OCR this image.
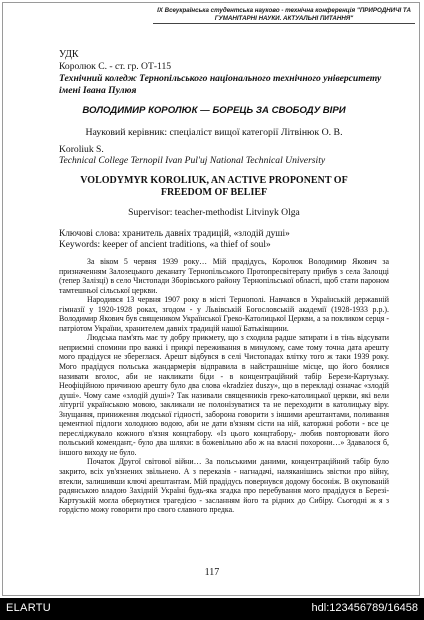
IX Всеукраїнська студентська науково - технічна конференція "ПРИРОДНИЧІ ТА ГУМАНІТАРНІ НАУКИ. АКТУАЛЬНІ ПИТАННЯ"
УДК
Королюк С. - ст. гр. ОТ-115
Технічний коледж Тернопільського національного технічного університету імені Івана Пулюя
ВОЛОДИМИР КОРОЛЮК — БОРЕЦЬ ЗА СВОБОДУ ВІРИ
Науковий керівник: спеціаліст вищої категорії Літвінюк О. В.
Koroliuk S.
Technical College Ternopil Ivan Pul'uj National Technical University
VOLODYMYR KOROLIUK, AN ACTIVE PROPONENT OF FREEDOM OF BELIEF
Supervisor: teacher-methodist Litvinyk Olga
Ключові слова: хранитель давніх традицій, «злодій душі»
Keywords: keeper of ancient traditions, «a thief of soul»

За віком 5 червня 1939 року… Мій прадідусь, Королюк Володимир Якович за призначенням Залозецького деканату Тернопільського Протопресвітерату прибув з села Залоцці (тепер Залізці) в село Чистопади Зборівського району Тернопільської області, щоб стати пароном тамтешньої сільської церкви.

Народився 13 червня 1907 року в місті Тернополі. Навчався в Українській державній гімназії у 1920-1928 роках, згодом - у Львівській Богословській академії (1928-1933 р.р.). Володимир Якович був священиком Української Греко-Католицької Церкви, а за покликом серця - патріотом України, хранителем давніх традицій нашої Батьківщини.

Людська пам'ять має ту добру прикмету, що з сходила радше затирати і в тінь відсувати неприємні спомини про важкі і прикрі переживання в минулому, саме тому точна дата арешту мого прадідуся не збереглася. Арешт відбувся в селі Чистопадах влітку того ж таки 1939 року. Мого прадідуся польська жандармерія відправила в найстрашніше місце, що його боялися називати вголос, аби не накликати біди - в концентраційний табір Берези-Картузьку. Неофіційною причиною арешту було два слова «kradziez duszy», що в перекладі означає «злодій душі». Чому саме «злодій душі»? Так називали священників греко-католицької церкви, які вели літургії українською мовою, закликали не полонізуватися та не переходити в католицьку віру. Знущання, приниження людської гідності, заборона говорити з іншими арештантами, поливання цементної підлоги холодною водою, аби не дати в'язням сісти на ній, каторжні роботи - все це пересліджувало кожного в'язня концтабору. «Із цього концтабору,- любив повторювати його польський комендант,- було два шляхи: в божевільню або ж на власні похорони…» Здавалося б, іншого виходу не було.

Початок Другої світової війни… За польськими даними, концентраційний табір було закрито, всіх ув'язнених звільнено. А з переказів - нагнадачі, наляканішись звістки про війну, втекли, залишивши ключі арештантам. Мій прадідусь повернувся додому босоніж. В окупованій радянською владою Західній Україні будь-яка згадка про перебування мого прадідуся в Березі-Картузькій могла обернутися трагедією - засланням його та рідних до Сибіру. Сьогодні ж я з гордістю можу говорити про свого славного предка.

117
ELARTU	hdl:123456789/16458
